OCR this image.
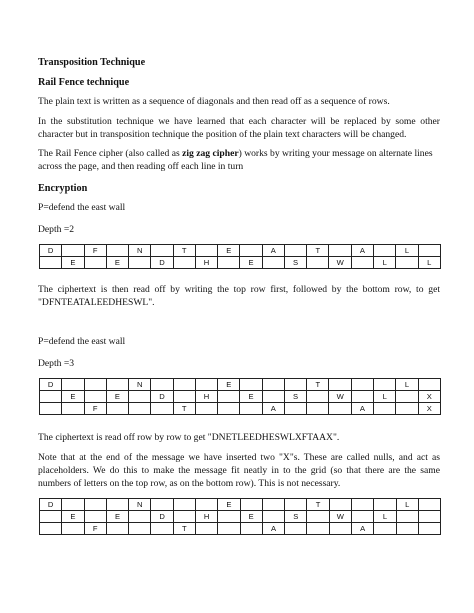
Transposition Technique

Rail Fence technique

The plain text is written as a sequence of diagonals and then read off as a sequence of rows.

In the substitution technique we have learned that each character will be replaced by some other character but in transposition technique the position of the plain text characters will be changed.

The Rail Fence cipher (also called as zig zag cipher) works by writing your message on alternate lines across the page, and then reading off each line in turn

Encryption

P=defend the east wall

Depth =2

D		F		N		T		E		A		T		A		L	
	E		E		D		H		E		S		W		L		L

The ciphertext is then read off by writing the top row first, followed by the bottom row, to get "DFNTEATALEEDHESWL".

P=defend the east wall

Depth =3

D				N				E				T				L	
	E		E		D		H		E		S		W		L		X
		F				T				A				A			X

The ciphertext is read off row by row to get "DNETLEEDHESWLXFTAAX".

Note that at the end of the message we have inserted two "X"s. These are called nulls, and act as placeholders. We do this to make the message fit neatly in to the grid (so that there are the same numbers of letters on the top row, as on the bottom row). This is not necessary.

D				N				E				T				L	
	E		E		D		H		E		S		W		L		
		F				T				A				A			
